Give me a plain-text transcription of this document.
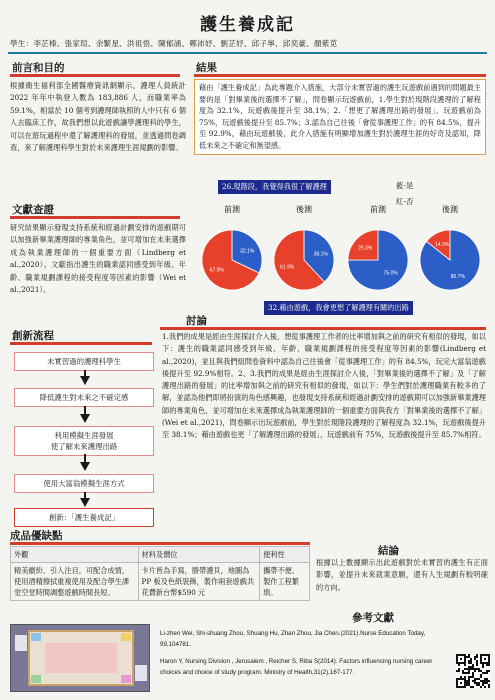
護生養成記
學生：李芷榛、張家瑄、余繁星、洪祖悟、陳郁涵、鄭沛妤、劉芷妤、邱子寧、邱奕豪、顏紫苋
前言和目的
根據衛生福利部全國醫療資訊網顯示，護理人員統計 2022 年年中執登人數為 183,886 人，而職業率為 59.1%，相當於 10 個考到護理師執照的人中只有 6 個人去臨床工作，故我們想以此遊戲讓學護理科的學生，可以在遊玩過程中還了解護理科的發展，並透過問卷調查，來了解護理科學生對於未來護理生涯規劃的影響。
文獻查證
研究結果顯示發現支持系統和經過計劃安排的遊戲期可以加強新畢業護理師的專業角色，並可增加在未來選擇成為執業護理師的一個重要方面（Lindberg et al.,2020）。文獻指出護生的職業認同感受到年級、年齡、職業規劃課程的接受程度等因素的影響（Wei et al.,2021）。
結果
藉由「護生養成記」為此專題介入措施，大部分未實習過的護生玩遊戲前遇到的問題最主要的是「對畢業後的選擇不了解」，問卷顯示玩遊戲前，1.學生對於現階段護理的了解程度為 32.1%，玩遊戲後提升至 38.1%；2.「想更了解護理出路的發展」，玩遊戲前為 75%，玩遊戲後提升至 85.7%；3.認為自己往後「會從事護理工作」的有 84.5%，提升至 92.9%，藉由玩遊戲後，此介入措施有明顯增加護生對於護理生涯的好奇及認知，降低未來之不確定和無望感。
26.現階段，我覺得我很了解護理	藍-是
紅-否
前測
32.1%
67.9%
後測
38.1%
61.9%
前測
75.0%
25.0%
後測
85.7%
14.3%
32.藉由遊戲，我會更想了解護理有關的出路
討論
1.我們的成果是經由生涯探討介入後，想從事護理工作者的比率增加與之前的研究有相似的發現，如以下：護生的職業認同感受到年級、年齡、職業規劃課程的接受程度等因素的影響(Lindberg et al.,2020)，並且與我們組問卷資料中認為自己往後會「從事護理工作」的有 84.5%，玩完大富翁遊戲後提升至 92.9%相符。2、3.我們的成果是經由生涯探討介入後，「對畢業後的選擇不了解」及「了解護理出路的發展」的比率增加與之前的研究有相似的發現，如以下：學生們對於護理職業有較多的了解，並認為他們即將扮演的角色感興趣，也發現支持系統和經過計劃安排的遊戲期可以加強新畢業護理師的專業角色，並可增加在未來選擇成為執業護理師的一個重要方面與我方「對畢業後的選擇不了解」(Wei et al.,2021)，問卷顯示出玩遊戲前，學生對於現階段護理的了解程度為 32.1%，玩遊戲後提升至 38.1%；藉由遊戲也更「了解護理出路的發展」，玩遊戲前有 75%，玩遊戲後提升至 85.7%相符。
創新流程
未實習過的護理科學生
降低護生對未來之不確定感
利用模擬生涯發展
使了解未來護理出路
使用大富翁模擬生涯方式
創新：「護生養成記」
成品優缺點
外觀	材料及價位	便利性
精美繽紛、引人注目，可配合成情，使用酒精擦拭重複使用及配合學生課堂空堂時間調整遊戲時間長短。	卡片皆為手寫，勝帶護貝，地圖為 PP 板及色紙裝飾，製作兩套遊戲共花費新台幣$590 元	攜帶不便、製作工程繁瑣。
結論
根據以上數據顯示出此遊戲對於未實習的護生有正面影響，並提升未來就業意願，還有人生規劃有較明確的方向。
參考文獻
Li-zhen Wei, Shi-shuang Zhou, Shuang Hu, Zhan Zhou, Jia Chen.(2021).Nurse Education Today, 99,104781.
Haron Y, Nursing Division , Jerusalem , Reicher S, Riba S(2014). Factors influencing nursing career choices and choice of study program. Ministry of Health,31(2),167-177.
